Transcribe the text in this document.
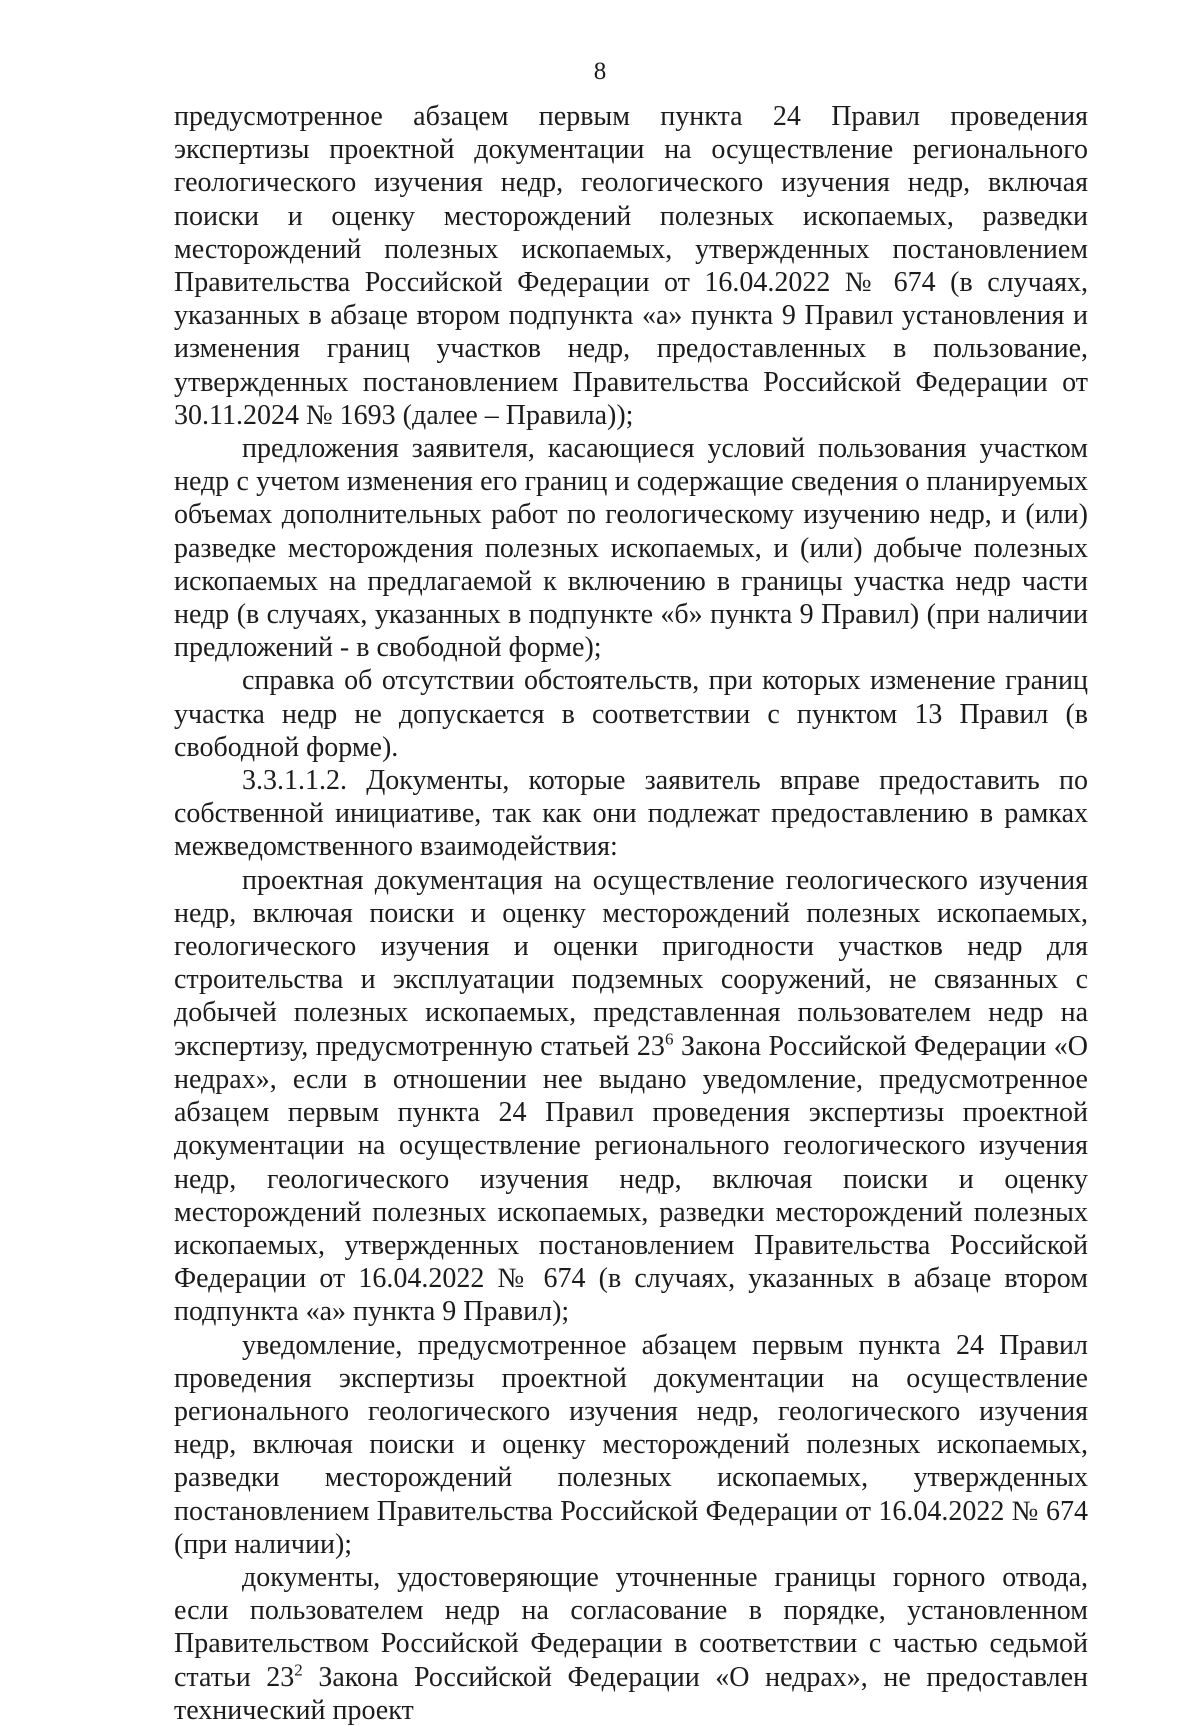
8

предусмотренное абзацем первым пункта 24 Правил проведения экспертизы проектной документации на осуществление регионального геологического изучения недр, геологического изучения недр, включая поиски и оценку месторождений полезных ископаемых, разведки месторождений полезных ископаемых, утвержденных постановлением Правительства Российской Федерации от 16.04.2022 № 674 (в случаях, указанных в абзаце втором подпункта «а» пункта 9 Правил установления и изменения границ участков недр, предоставленных в пользование, утвержденных постановлением Правительства Российской Федерации от 30.11.2024 № 1693 (далее – Правила));

предложения заявителя, касающиеся условий пользования участком недр с учетом изменения его границ и содержащие сведения о планируемых объемах дополнительных работ по геологическому изучению недр, и (или) разведке месторождения полезных ископаемых, и (или) добыче полезных ископаемых на предлагаемой к включению в границы участка недр части недр (в случаях, указанных в подпункте «б» пункта 9 Правил) (при наличии предложений - в свободной форме);

справка об отсутствии обстоятельств, при которых изменение границ участка недр не допускается в соответствии с пунктом 13 Правил (в свободной форме).

3.3.1.1.2. Документы, которые заявитель вправе предоставить по собственной инициативе, так как они подлежат предоставлению в рамках межведомственного взаимодействия:

проектная документация на осуществление геологического изучения недр, включая поиски и оценку месторождений полезных ископаемых, геологического изучения и оценки пригодности участков недр для строительства и эксплуатации подземных сооружений, не связанных с добычей полезных ископаемых, представленная пользователем недр на экспертизу, предусмотренную статьей $23^6$ Закона Российской Федерации «О недрах», если в отношении нее выдано уведомление, предусмотренное абзацем первым пункта 24 Правил проведения экспертизы проектной документации на осуществление регионального геологического изучения недр, геологического изучения недр, включая поиски и оценку месторождений полезных ископаемых, разведки месторождений полезных ископаемых, утвержденных постановлением Правительства Российской Федерации от 16.04.2022 № 674 (в случаях, указанных в абзаце втором подпункта «а» пункта 9 Правил);

уведомление, предусмотренное абзацем первым пункта 24 Правил проведения экспертизы проектной документации на осуществление регионального геологического изучения недр, геологического изучения недр, включая поиски и оценку месторождений полезных ископаемых, разведки месторождений полезных ископаемых, утвержденных постановлением Правительства Российской Федерации от 16.04.2022 № 674 (при наличии);

документы, удостоверяющие уточненные границы горного отвода, если пользователем недр на согласование в порядке, установленном Правительством Российской Федерации в соответствии с частью седьмой статьи $23^2$ Закона Российской Федерации «О недрах», не предоставлен технический проект
